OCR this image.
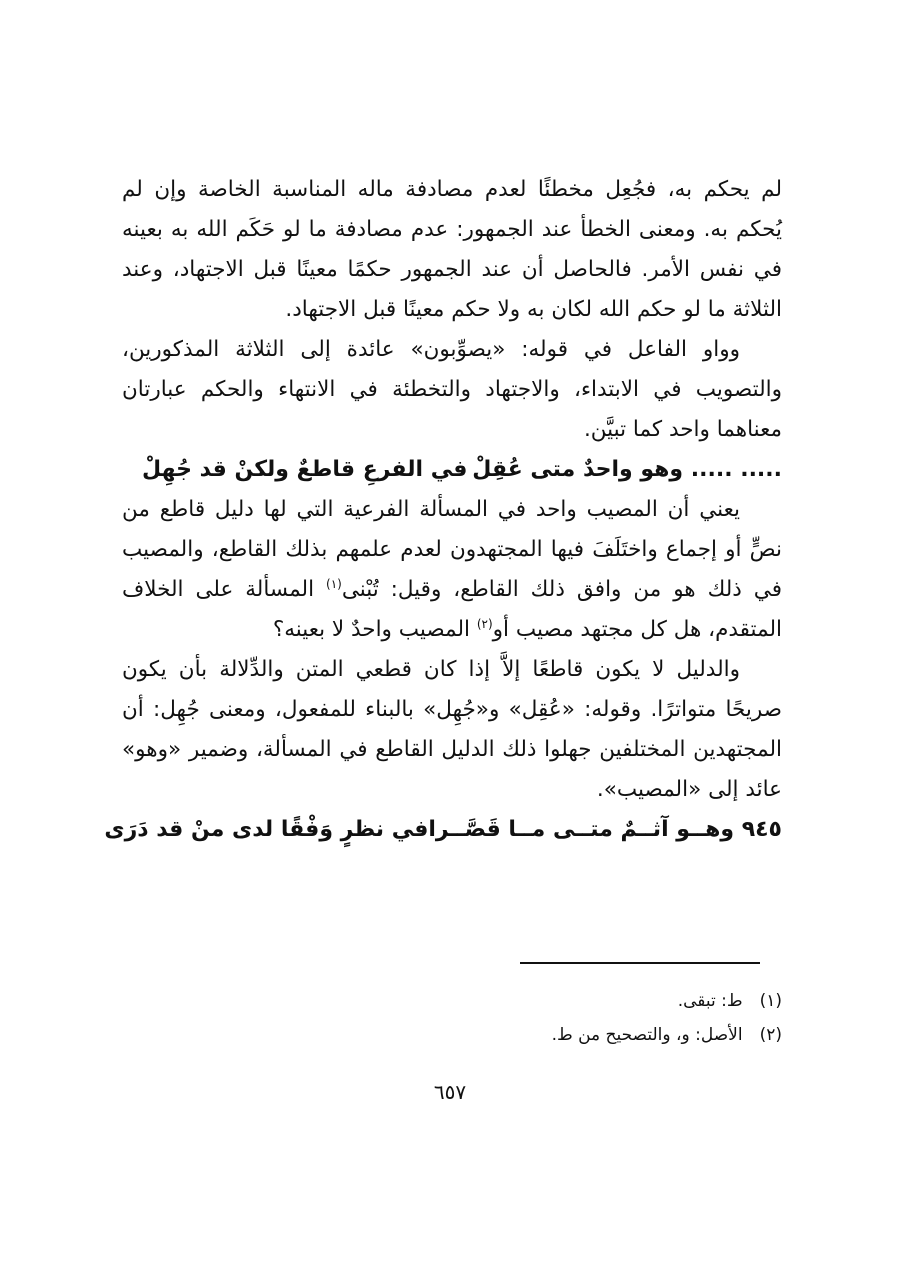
لم يحكم به، فجُعِل مخطئًا لعدم مصادفة ماله المناسبة الخاصة وإن لم يُحكم به. ومعنى الخطأ عند الجمهور: عدم مصادفة ما لو حَكَم الله به بعينه في نفس الأمر. فالحاصل أن عند الجمهور حكمًا معينًا قبل الاجتهاد، وعند الثلاثة ما لو حكم الله لكان به ولا حكم معينًا قبل الاجتهاد.

وواو الفاعل في قوله: «يصوِّبون» عائدة إلى الثلاثة المذكورين، والتصويب في الابتداء، والاجتهاد والتخطئة في الانتهاء والحكم عبارتان معناهما واحد كما تبيَّن.

..... ..... وهو واحدٌ متى عُقِلْ
في الفرعِ قاطعٌ ولكنْ قد جُهِلْ

يعني أن المصيب واحد في المسألة الفرعية التي لها دليل قاطع من نصٍّ أو إجماع واختَلَفَ فيها المجتهدون لعدم علمهم بذلك القاطع، والمصيب في ذلك هو من وافق ذلك القاطع، وقيل: تُبْنى$^{(١)}$ المسألة على الخلاف المتقدم، هل كل مجتهد مصيب أو$^{(٢)}$ المصيب واحدٌ لا بعينه؟

والدليل لا يكون قاطعًا إلاَّ إذا كان قطعي المتن والدِّلالة بأن يكون صريحًا متواترًا. وقوله: «عُقِل» و«جُهِل» بالبناء للمفعول، ومعنى جُهِل: أن المجتهدين المختلفين جهلوا ذلك الدليل القاطع في المسألة، وضمير «وهو» عائد إلى «المصيب».

٩٤٥ وهــو آثــمٌ متــى مــا قَصَّــرا
في نظرٍ وَفْقًا لدى منْ قد دَرَى

(١) ط: تبقى.

(٢) الأصل: و، والتصحيح من ط.

٦٥٧
